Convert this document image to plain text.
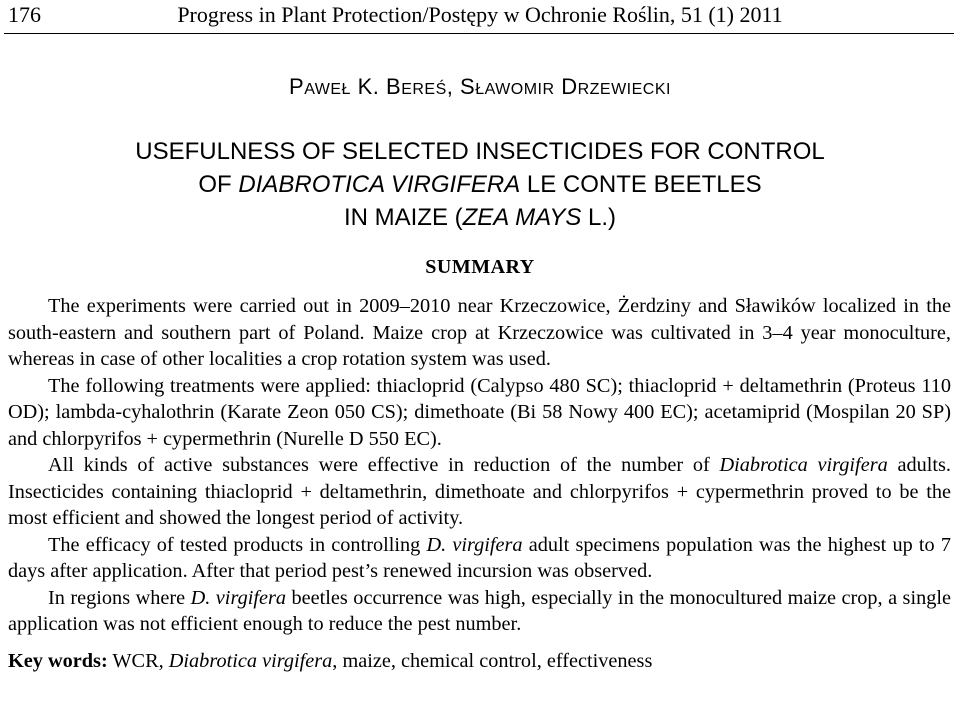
176	Progress in Plant Protection/Postępy w Ochronie Roślin, 51 (1) 2011
PAWEŁ K. BEREŚ, SŁAWOMIR DRZEWIECKI
USEFULNESS OF SELECTED INSECTICIDES FOR CONTROL
OF DIABROTICA VIRGIFERA LE CONTE BEETLES
IN MAIZE (ZEA MAYS L.)
SUMMARY

The experiments were carried out in 2009–2010 near Krzeczowice, Żerdziny and Sławików localized in the south-eastern and southern part of Poland. Maize crop at Krzeczowice was cultivated in 3–4 year monoculture, whereas in case of other localities a crop rotation system was used.

The following treatments were applied: thiacloprid (Calypso 480 SC); thiacloprid + deltamethrin (Proteus 110 OD); lambda-cyhalothrin (Karate Zeon 050 CS); dimethoate (Bi 58 Nowy 400 EC); acetamiprid (Mospilan 20 SP) and chlorpyrifos + cypermethrin (Nurelle D 550 EC).

All kinds of active substances were effective in reduction of the number of Diabrotica virgifera adults. Insecticides containing thiacloprid + deltamethrin, dimethoate and chlorpyrifos + cypermethrin proved to be the most efficient and showed the longest period of activity.

The efficacy of tested products in controlling D. virgifera adult specimens population was the highest up to 7 days after application. After that period pest’s renewed incursion was observed.

In regions where D. virgifera beetles occurrence was high, especially in the monocultured maize crop, a single application was not efficient enough to reduce the pest number.

Key words: WCR, Diabrotica virgifera, maize, chemical control, effectiveness
